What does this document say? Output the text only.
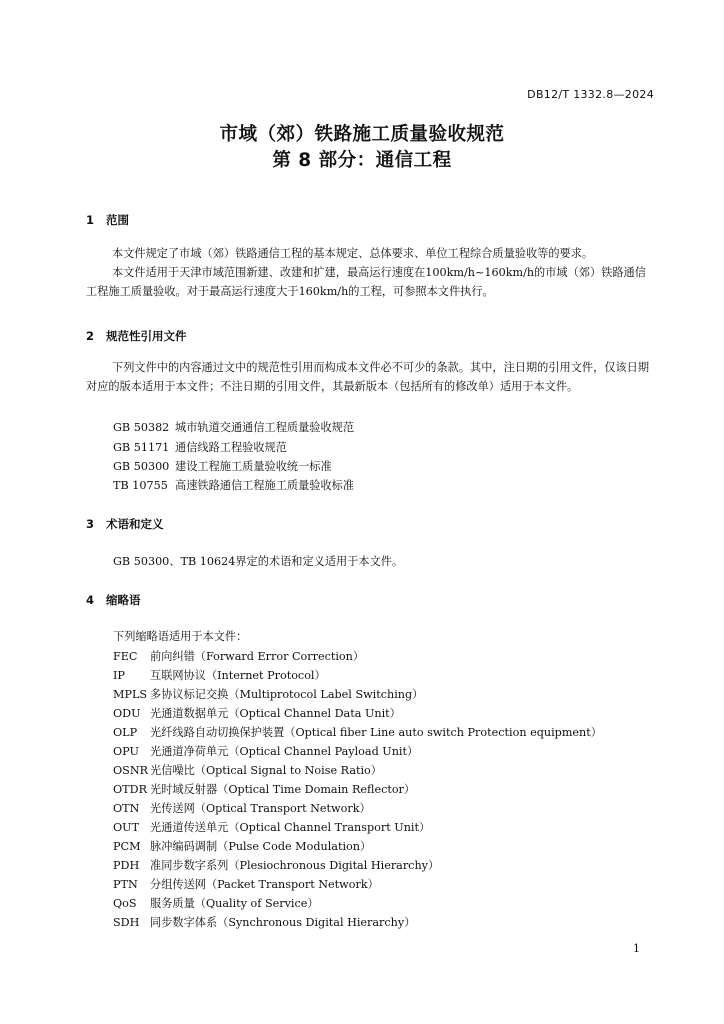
DB12/T 1332.8—2024
市域（郊）铁路施工质量验收规范
第 8 部分：通信工程
1 范围
本文件规定了市域（郊）铁路通信工程的基本规定、总体要求、单位工程综合质量验收等的要求。
本文件适用于天津市域范围新建、改建和扩建，最高运行速度在100km/h~160km/h的市域（郊）铁路通信工程施工质量验收。对于最高运行速度大于160km/h的工程，可参照本文件执行。
2 规范性引用文件
下列文件中的内容通过文中的规范性引用而构成本文件必不可少的条款。其中，注日期的引用文件，仅该日期对应的版本适用于本文件；不注日期的引用文件，其最新版本（包括所有的修改单）适用于本文件。
GB 50382 城市轨道交通通信工程质量验收规范
GB 51171 通信线路工程验收规范
GB 50300 建设工程施工质量验收统一标准
TB 10755 高速铁路通信工程施工质量验收标准
3 术语和定义
GB 50300、TB 10624界定的术语和定义适用于本文件。
4 缩略语
下列缩略语适用于本文件：
FEC 前向纠错（Forward Error Correction）
IP 互联网协议（Internet Protocol）
MPLS 多协议标记交换（Multiprotocol Label Switching）
ODU 光通道数据单元（Optical Channel Data Unit）
OLP 光纤线路自动切换保护装置（Optical fiber Line auto switch Protection equipment）
OPU 光通道净荷单元（Optical Channel Payload Unit）
OSNR 光信噪比（Optical Signal to Noise Ratio）
OTDR 光时域反射器（Optical Time Domain Reflector）
OTN 光传送网（Optical Transport Network）
OUT 光通道传送单元（Optical Channel Transport Unit）
PCM 脉冲编码调制（Pulse Code Modulation）
PDH 准同步数字系列（Plesiochronous Digital Hierarchy）
PTN 分组传送网（Packet Transport Network）
QoS 服务质量（Quality of Service）
SDH 同步数字体系（Synchronous Digital Hierarchy）
1
